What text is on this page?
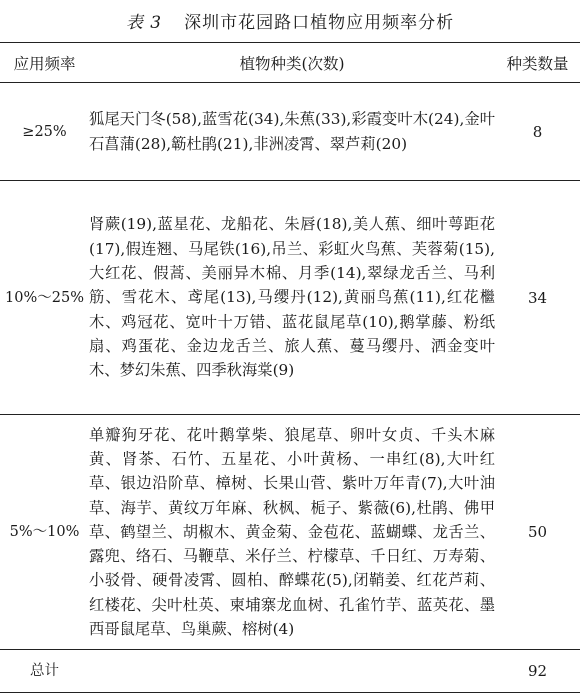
表 3 深圳市花园路口植物应用频率分析
应用频率	植物种类(次数)	种类数量
≥25%	狐尾天门冬(58),蓝雪花(34),朱蕉(33),彩霞变叶木(24),金叶石菖蒲(28),簕杜鹃(21),非洲凌霄、翠芦莉(20)	8
10%～25%	肾蕨(19),蓝星花、龙船花、朱唇(18),美人蕉、细叶萼距花(17),假连翘、马尾铁(16),吊兰、彩虹火鸟蕉、芙蓉菊(15),大红花、假蒿、美丽异木棉、月季(14),翠绿龙舌兰、马利筋、雪花木、鸢尾(13),马缨丹(12),黄丽鸟蕉(11),红花檵木、鸡冠花、宽叶十万错、蓝花鼠尾草(10),鹅掌藤、粉纸扇、鸡蛋花、金边龙舌兰、旅人蕉、蔓马缨丹、洒金变叶木、梦幻朱蕉、四季秋海棠(9)	34
5%～10%	单瓣狗牙花、花叶鹅掌柴、狼尾草、卵叶女贞、千头木麻黄、肾茶、石竹、五星花、小叶黄杨、一串红(8),大叶红草、银边沿阶草、樟树、长果山菅、紫叶万年青(7),大叶油草、海芋、黄纹万年麻、秋枫、栀子、紫薇(6),杜鹃、佛甲草、鹤望兰、胡椒木、黄金菊、金苞花、蓝蝴蝶、龙舌兰、露兜、络石、马鞭草、米仔兰、柠檬草、千日红、万寿菊、小驳骨、硬骨凌霄、圆柏、醉蝶花(5),闭鞘姜、红花芦莉、红楼花、尖叶杜英、柬埔寨龙血树、孔雀竹芋、蓝英花、墨西哥鼠尾草、鸟巢蕨、榕树(4)	50
总计		92
